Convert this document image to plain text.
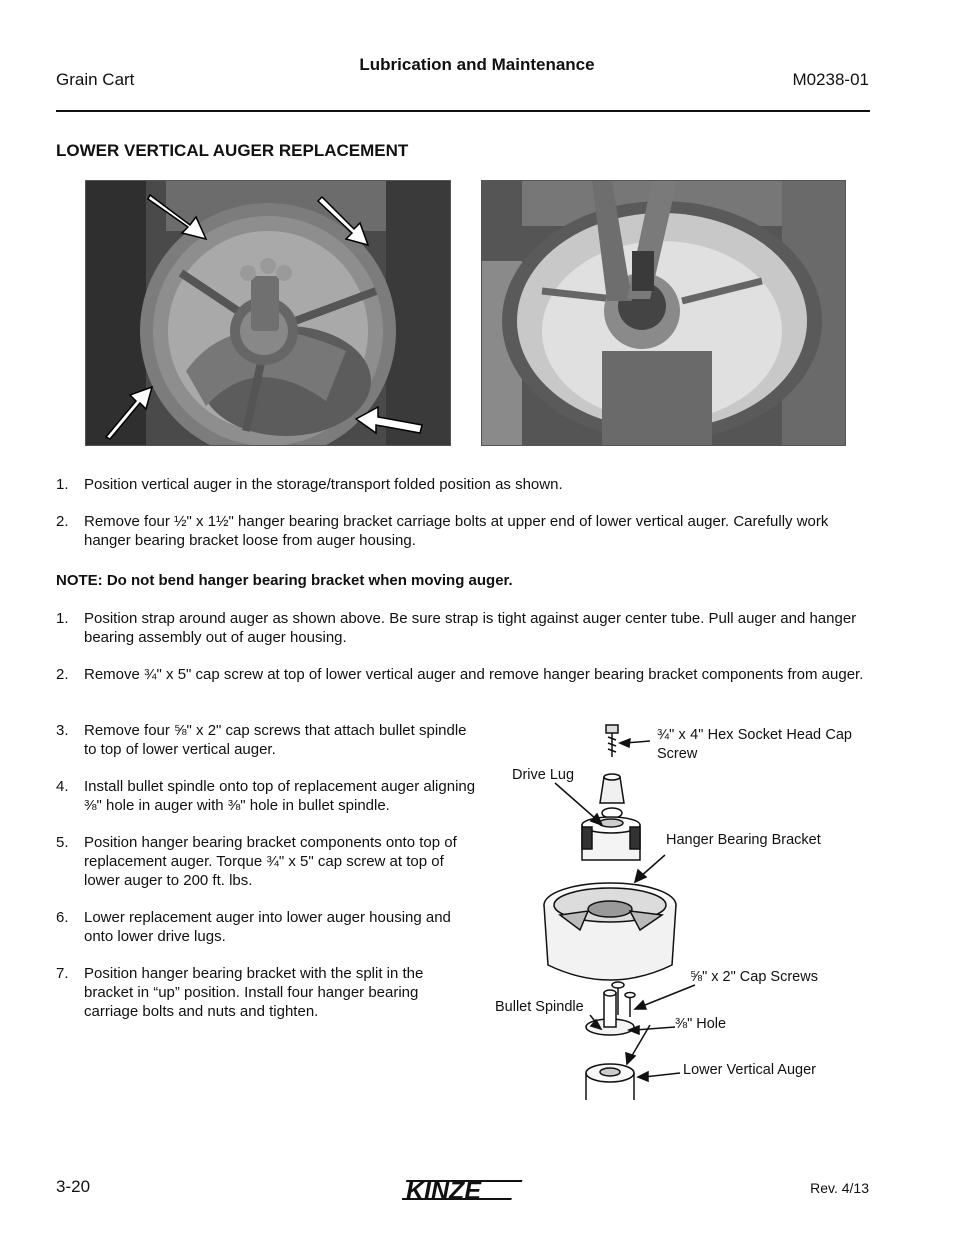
Lubrication and Maintenance
Grain Cart	M0238-01
LOWER VERTICAL AUGER REPLACEMENT
1. Position vertical auger in the storage/transport folded position as shown.
2. Remove four ½" x 1½" hanger bearing bracket carriage bolts at upper end of lower vertical auger. Carefully work hanger bearing bracket loose from auger housing.
NOTE: Do not bend hanger bearing bracket when moving auger.
1. Position strap around auger as shown above. Be sure strap is tight against auger center tube. Pull auger and hanger bearing assembly out of auger housing.
2. Remove ¾" x 5" cap screw at top of lower vertical auger and remove hanger bearing bracket components from auger.
3. Remove four ⅝" x 2" cap screws that attach bullet spindle to top of lower vertical auger.
4. Install bullet spindle onto top of replacement auger aligning ⅜" hole in auger with ⅜" hole in bullet spindle.
5. Position hanger bearing bracket components onto top of replacement auger. Torque ¾" x 5" cap screw at top of lower auger to 200 ft. lbs.
6. Lower replacement auger into lower auger housing and onto lower drive lugs.
7. Position hanger bearing bracket with the split in the bracket in “up” position. Install four hanger bearing carriage bolts and nuts and tighten.
¾" x 4" Hex Socket Head Cap Screw
Drive Lug
Hanger Bearing Bracket
⅝" x 2" Cap Screws
Bullet Spindle
⅜" Hole
Lower Vertical Auger
3-20	KINZE	Rev. 4/13
